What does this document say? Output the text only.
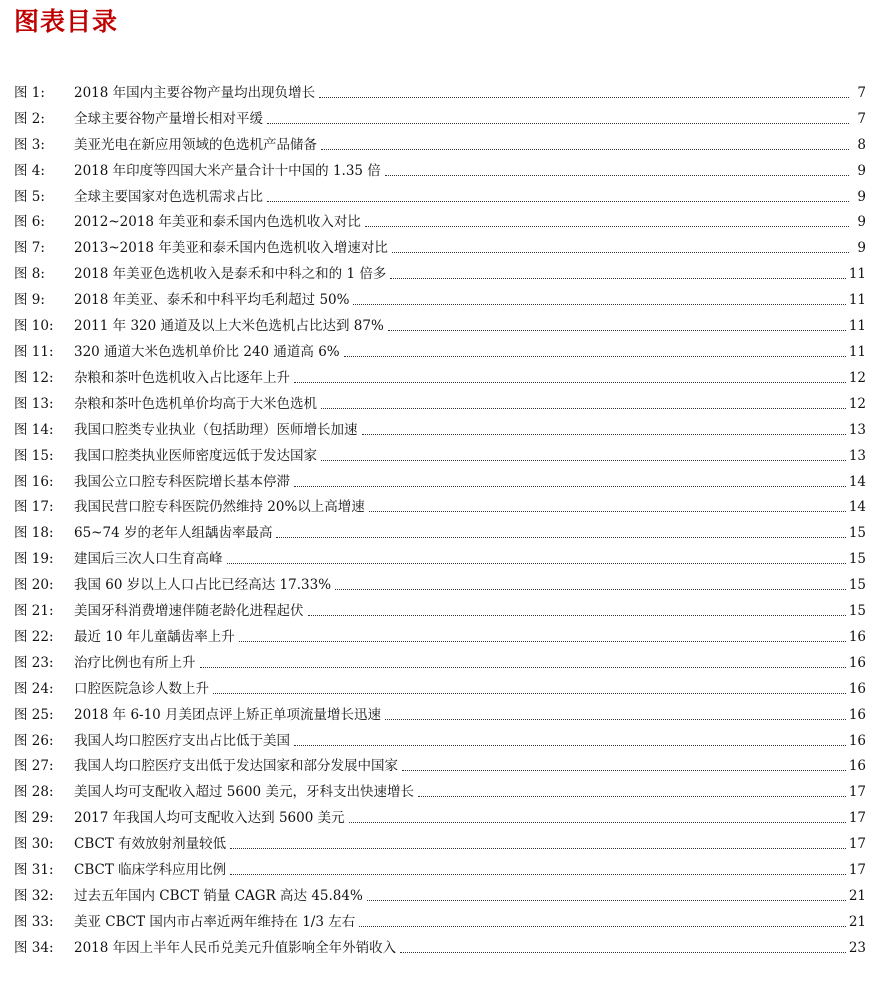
图表目录
图 1:	2018 年国内主要谷物产量均出现负增长	7
图 2:	全球主要谷物产量增长相对平缓	7
图 3:	美亚光电在新应用领域的色选机产品储备	8
图 4:	2018 年印度等四国大米产量合计十中国的 1.35 倍	9
图 5:	全球主要国家对色选机需求占比	9
图 6:	2012~2018 年美亚和泰禾国内色选机收入对比	9
图 7:	2013~2018 年美亚和泰禾国内色选机收入增速对比	9
图 8:	2018 年美亚色选机收入是泰禾和中科之和的 1 倍多	11
图 9:	2018 年美亚、泰禾和中科平均毛利超过 50%	11
图 10:	2011 年 320 通道及以上大米色选机占比达到 87%	11
图 11:	320 通道大米色选机单价比 240 通道高 6%	11
图 12:	杂粮和茶叶色选机收入占比逐年上升	12
图 13:	杂粮和茶叶色选机单价均高于大米色选机	12
图 14:	我国口腔类专业执业（包括助理）医师增长加速	13
图 15:	我国口腔类执业医师密度远低于发达国家	13
图 16:	我国公立口腔专科医院增长基本停滞	14
图 17:	我国民营口腔专科医院仍然维持 20%以上高增速	14
图 18:	65~74 岁的老年人组龋齿率最高	15
图 19:	建国后三次人口生育高峰	15
图 20:	我国 60 岁以上人口占比已经高达 17.33%	15
图 21:	美国牙科消费增速伴随老龄化进程起伏	15
图 22:	最近 10 年儿童龋齿率上升	16
图 23:	治疗比例也有所上升	16
图 24:	口腔医院急诊人数上升	16
图 25:	2018 年 6-10 月美团点评上矫正单项流量增长迅速	16
图 26:	我国人均口腔医疗支出占比低于美国	16
图 27:	我国人均口腔医疗支出低于发达国家和部分发展中国家	16
图 28:	美国人均可支配收入超过 5600 美元，牙科支出快速增长	17
图 29:	2017 年我国人均可支配收入达到 5600 美元	17
图 30:	CBCT 有效放射剂量较低	17
图 31:	CBCT 临床学科应用比例	17
图 32:	过去五年国内 CBCT 销量 CAGR 高达 45.84%	21
图 33:	美亚 CBCT 国内市占率近两年维持在 1/3 左右	21
图 34:	2018 年因上半年人民币兑美元升值影响全年外销收入	23
